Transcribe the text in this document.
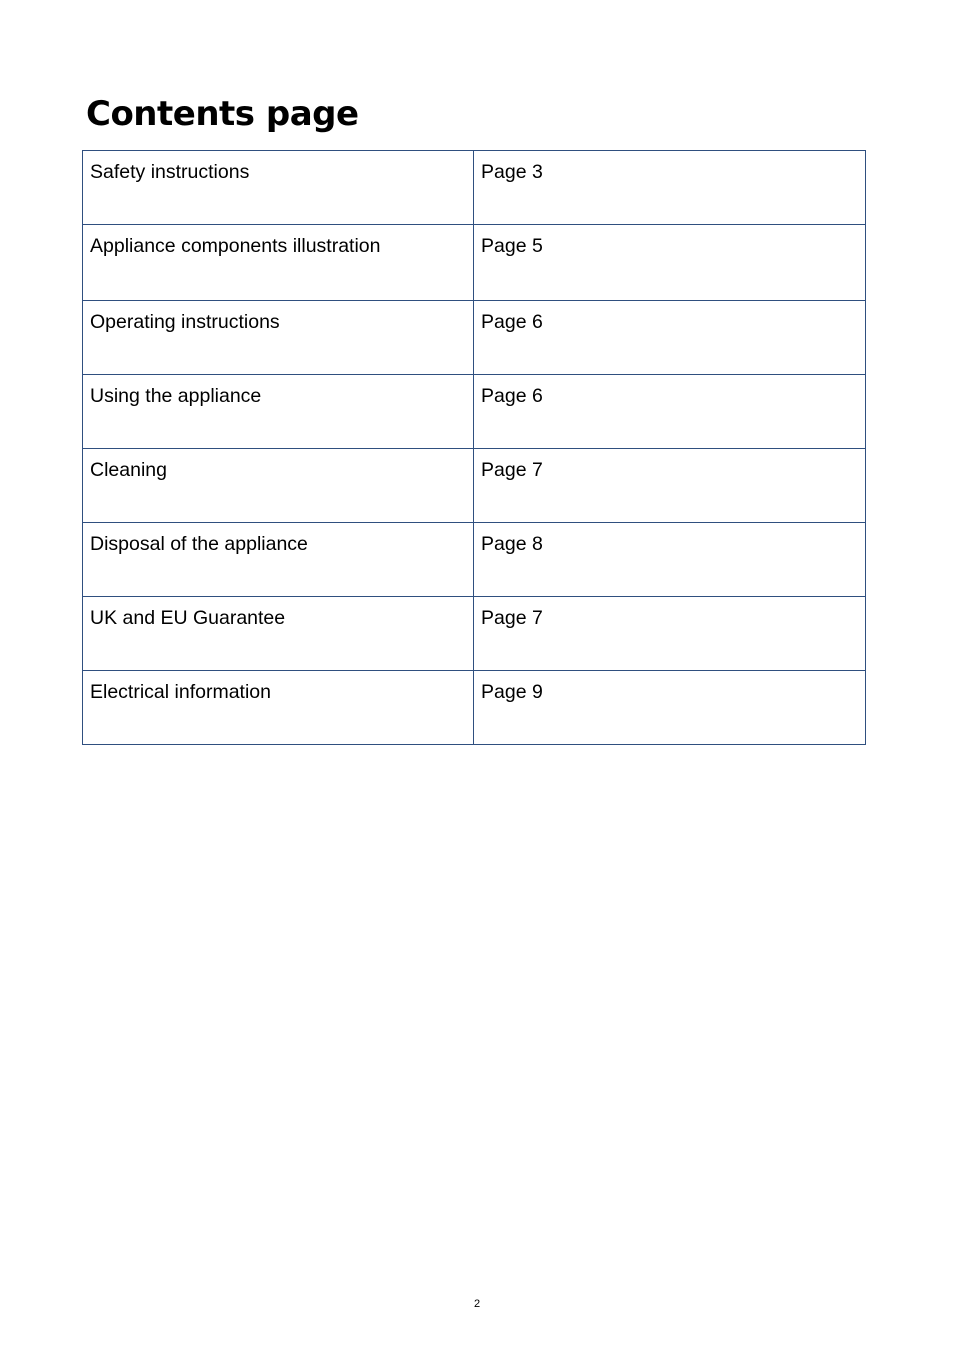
Contents page
Safety instructions	Page 3
Appliance components illustration	Page 5
Operating instructions	Page 6
Using the appliance	Page 6
Cleaning	Page 7
Disposal of the appliance	Page 8
UK and EU Guarantee	Page 7
Electrical information	Page 9
2
